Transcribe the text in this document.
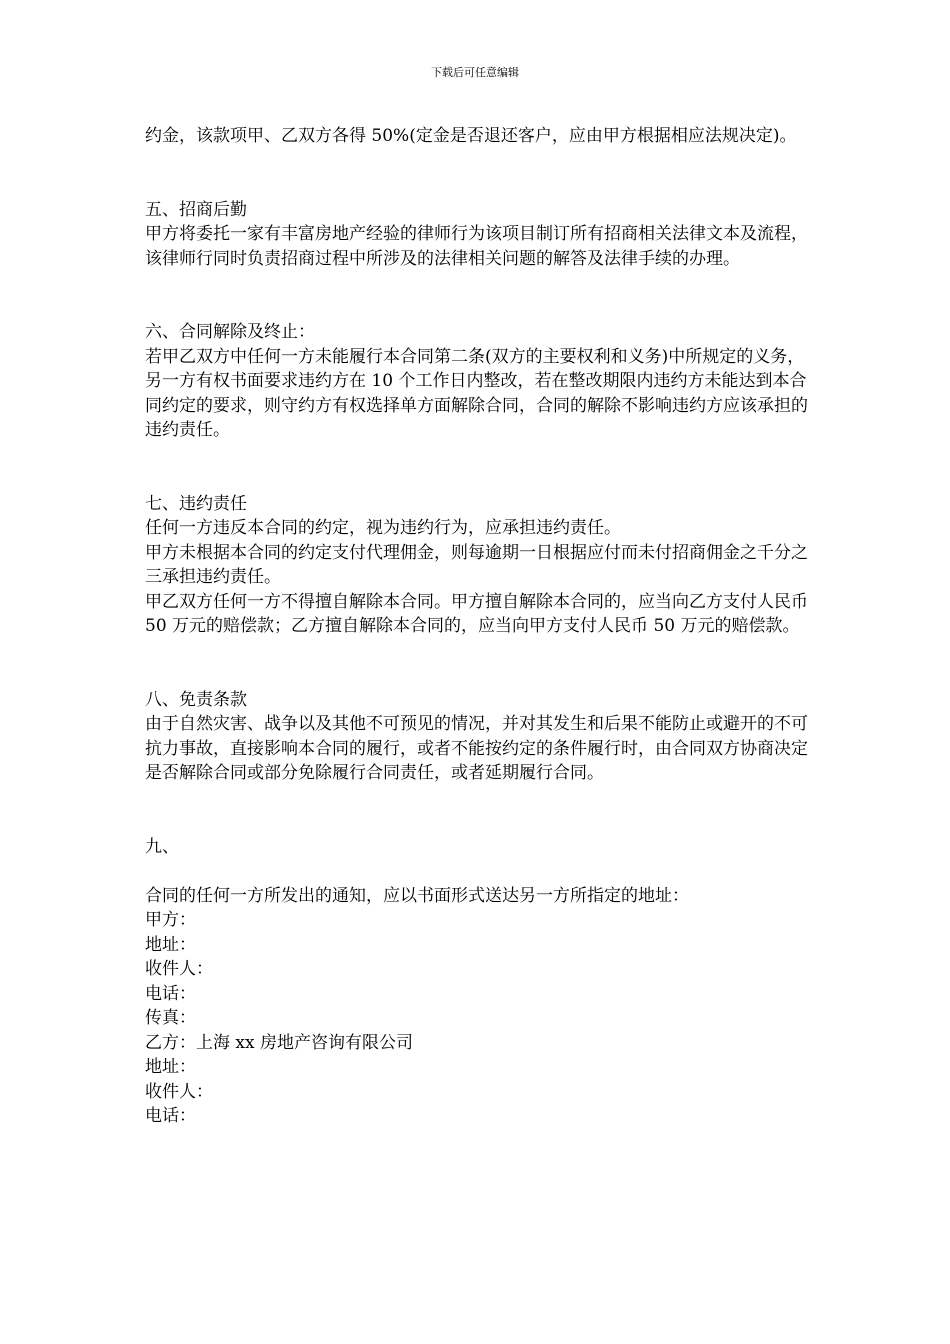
下载后可任意编辑

约金，该款项甲、乙双方各得 50%(定金是否退还客户，应由甲方根据相应法规决定)。

五、招商后勤

甲方将委托一家有丰富房地产经验的律师行为该项目制订所有招商相关法律文本及流程，该律师行同时负责招商过程中所涉及的法律相关问题的解答及法律手续的办理。

六、合同解除及终止：

若甲乙双方中任何一方未能履行本合同第二条(双方的主要权利和义务)中所规定的义务，另一方有权书面要求违约方在 10 个工作日内整改，若在整改期限内违约方未能达到本合同约定的要求，则守约方有权选择单方面解除合同，合同的解除不影响违约方应该承担的违约责任。

七、违约责任

任何一方违反本合同的约定，视为违约行为，应承担违约责任。

甲方未根据本合同的约定支付代理佣金，则每逾期一日根据应付而未付招商佣金之千分之三承担违约责任。

甲乙双方任何一方不得擅自解除本合同。甲方擅自解除本合同的，应当向乙方支付人民币 50 万元的赔偿款；乙方擅自解除本合同的，应当向甲方支付人民币 50 万元的赔偿款。

八、免责条款

由于自然灾害、战争以及其他不可预见的情况，并对其发生和后果不能防止或避开的不可抗力事故，直接影响本合同的履行，或者不能按约定的条件履行时，由合同双方协商决定是否解除合同或部分免除履行合同责任，或者延期履行合同。

九、

合同的任何一方所发出的通知，应以书面形式送达另一方所指定的地址：

甲方：

地址：

收件人：

电话：

传真：

乙方：上海 xx 房地产咨询有限公司

地址：

收件人：

电话：
